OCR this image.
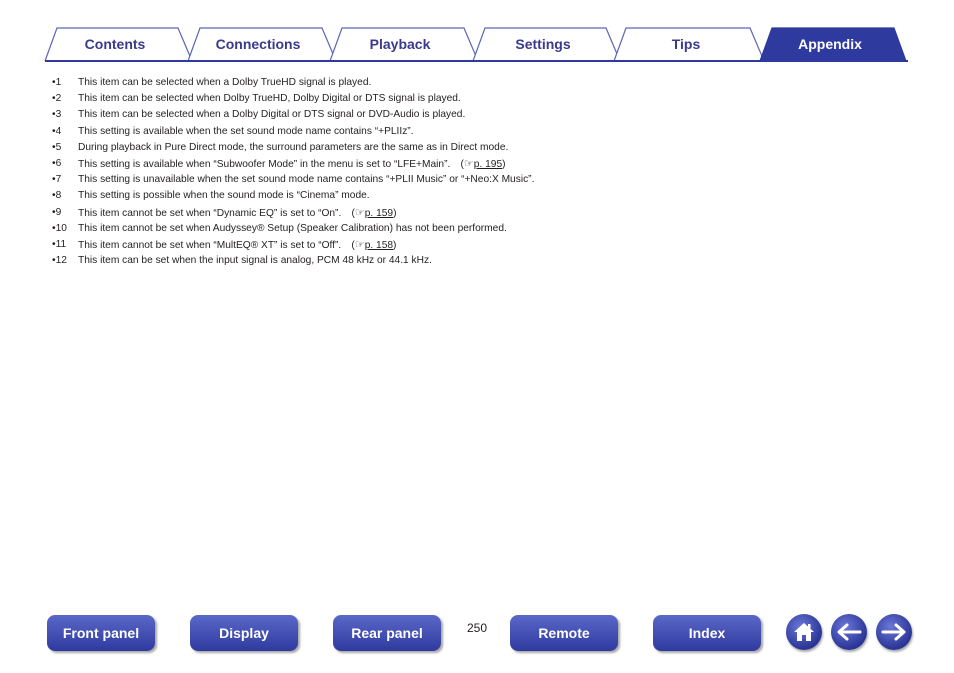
Contents	Connections	Playback	Settings	Tips	Appendix
•1 This item can be selected when a Dolby TrueHD signal is played.
•2 This item can be selected when Dolby TrueHD, Dolby Digital or DTS signal is played.
•3 This item can be selected when a Dolby Digital or DTS signal or DVD-Audio is played.
•4 This setting is available when the set sound mode name contains “+PLIIz”.
•5 During playback in Pure Direct mode, the surround parameters are the same as in Direct mode.
•6 This setting is available when “Subwoofer Mode” in the menu is set to “LFE+Main”. (☞p. 195)
•7 This setting is unavailable when the set sound mode name contains “+PLII Music” or “+Neo:X Music”.
•8 This setting is possible when the sound mode is “Cinema” mode.
•9 This item cannot be set when “Dynamic EQ” is set to “On”. (☞p. 159)
•10 This item cannot be set when Audyssey® Setup (Speaker Calibration) has not been performed.
•11 This item cannot be set when “MultEQ® XT” is set to “Off”. (☞p. 158)
•12 This item can be set when the input signal is analog, PCM 48 kHz or 44.1 kHz.
Front panel	Display	Rear panel	250	Remote	Index
